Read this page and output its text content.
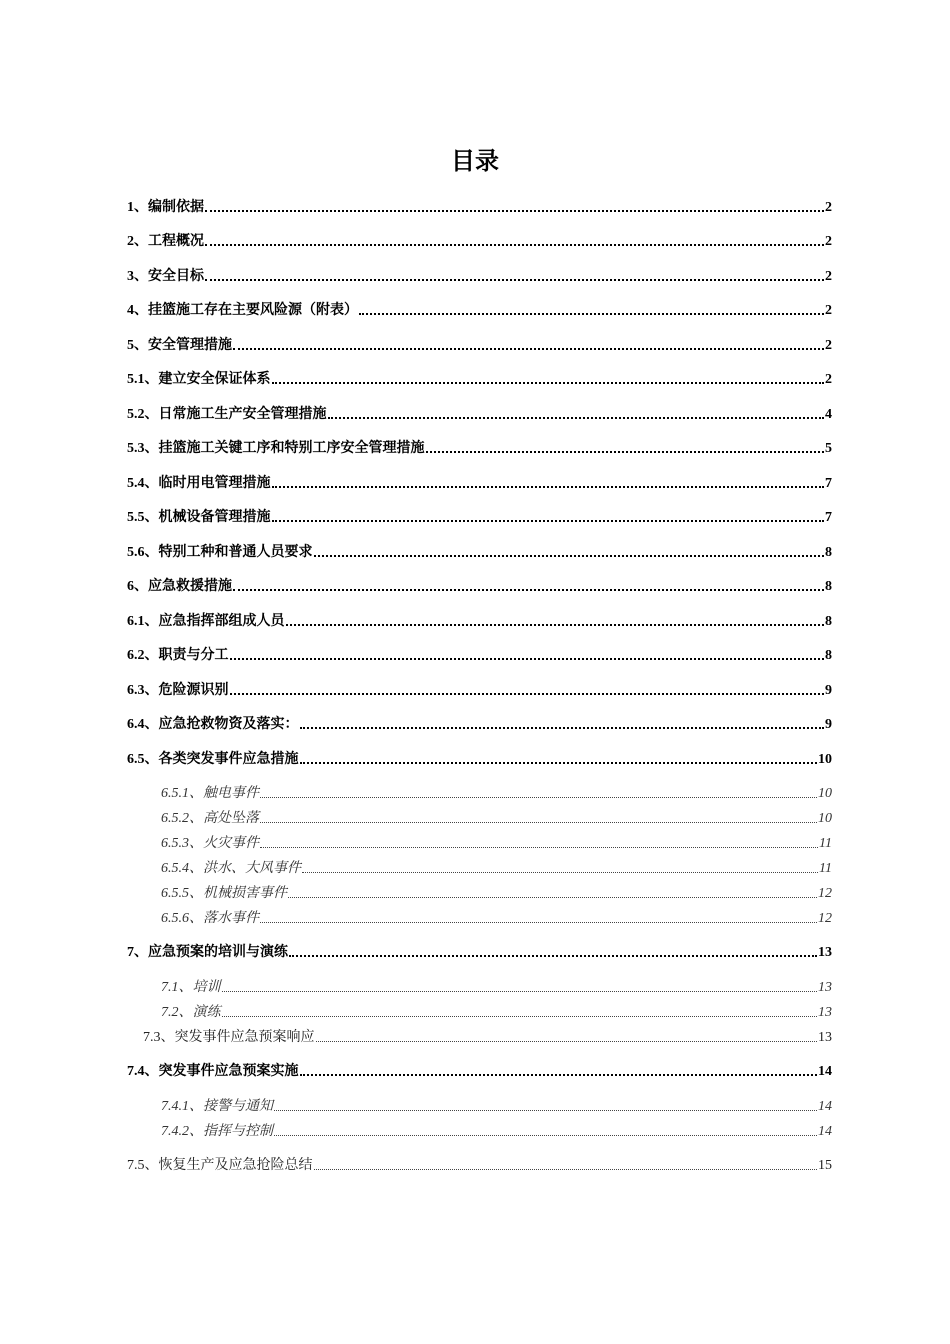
目录
1、编制依据	2
2、工程概况	2
3、安全目标	2
4、挂篮施工存在主要风险源（附表）	2
5、安全管理措施	2
5.1、建立安全保证体系	2
5.2、日常施工生产安全管理措施	4
5.3、挂篮施工关键工序和特别工序安全管理措施	5
5.4、临时用电管理措施	7
5.5、机械设备管理措施	7
5.6、特别工种和普通人员要求	8
6、应急救援措施	8
6.1、应急指挥部组成人员	8
6.2、职责与分工	8
6.3、危险源识别	9
6.4、应急抢救物资及落实：	9
6.5、各类突发事件应急措施	10
6.5.1、触电事件	10
6.5.2、高处坠落	10
6.5.3、火灾事件	11
6.5.4、洪水、大风事件	11
6.5.5、机械损害事件	12
6.5.6、落水事件	12
7、应急预案的培训与演练	13
7.1、培训	13
7.2、演练	13
7.3、突发事件应急预案响应	13
7.4、突发事件应急预案实施	14
7.4.1、接警与通知	14
7.4.2、指挥与控制	14
7.5、恢复生产及应急抢险总结	15
